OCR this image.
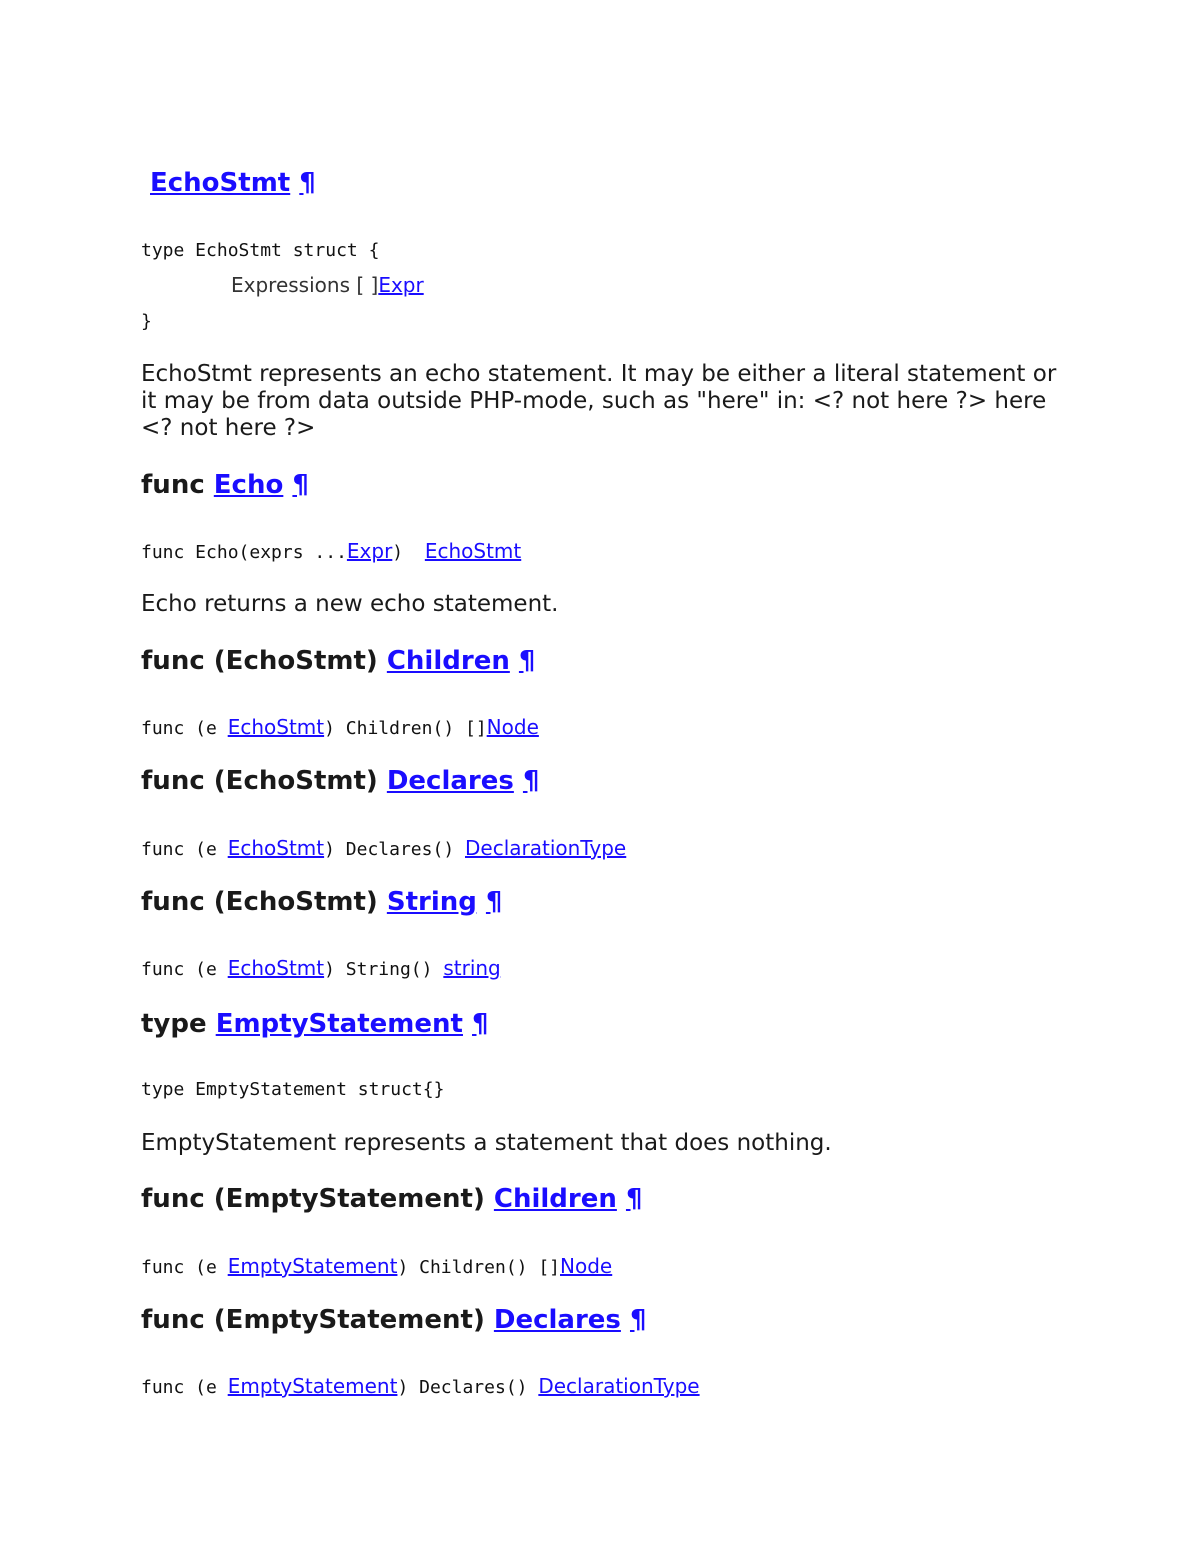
EchoStmt ¶
type EchoStmt struct {
Expressions [ ]Expr
}

EchoStmt represents an echo statement. It may be either a literal statement or it may be from data outside PHP-mode, such as "here" in: <? not here ?> here <? not here ?>

func Echo ¶
func Echo(exprs ...Expr)  EchoStmt

Echo returns a new echo statement.

func (EchoStmt) Children ¶
func (e EchoStmt) Children() []Node
func (EchoStmt) Declares ¶
func (e EchoStmt) Declares() DeclarationType
func (EchoStmt) String ¶
func (e EchoStmt) String() string
type EmptyStatement ¶
type EmptyStatement struct{}

EmptyStatement represents a statement that does nothing.

func (EmptyStatement) Children ¶
func (e EmptyStatement) Children() []Node
func (EmptyStatement) Declares ¶
func (e EmptyStatement) Declares() DeclarationType
